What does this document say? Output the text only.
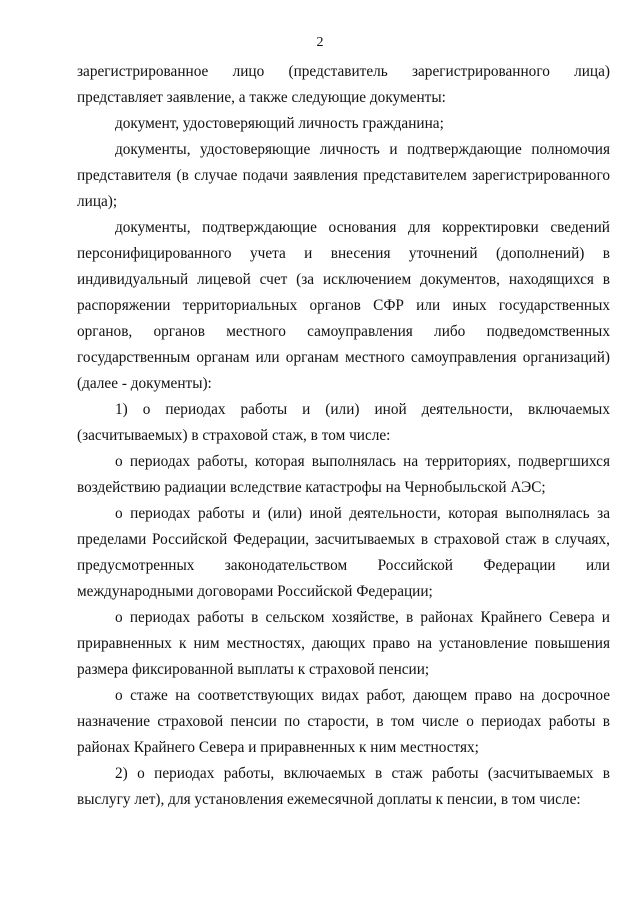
2

зарегистрированное лицо (представитель зарегистрированного лица) представляет заявление, а также следующие документы:

документ, удостоверяющий личность гражданина;

документы, удостоверяющие личность и подтверждающие полномочия представителя (в случае подачи заявления представителем зарегистрированного лица);

документы, подтверждающие основания для корректировки сведений персонифицированного учета и внесения уточнений (дополнений) в индивидуальный лицевой счет (за исключением документов, находящихся в распоряжении территориальных органов СФР или иных государственных органов, органов местного самоуправления либо подведомственных государственным органам или органам местного самоуправления организаций) (далее - документы):

1) о периодах работы и (или) иной деятельности, включаемых (засчитываемых) в страховой стаж, в том числе:

о периодах работы, которая выполнялась на территориях, подвергшихся воздействию радиации вследствие катастрофы на Чернобыльской АЭС;

о периодах работы и (или) иной деятельности, которая выполнялась за пределами Российской Федерации, засчитываемых в страховой стаж в случаях, предусмотренных законодательством Российской Федерации или международными договорами Российской Федерации;

о периодах работы в сельском хозяйстве, в районах Крайнего Севера и приравненных к ним местностях, дающих право на установление повышения размера фиксированной выплаты к страховой пенсии;

о стаже на соответствующих видах работ, дающем право на досрочное назначение страховой пенсии по старости, в том числе о периодах работы в районах Крайнего Севера и приравненных к ним местностях;

2) о периодах работы, включаемых в стаж работы (засчитываемых в выслугу лет), для установления ежемесячной доплаты к пенсии, в том числе:
